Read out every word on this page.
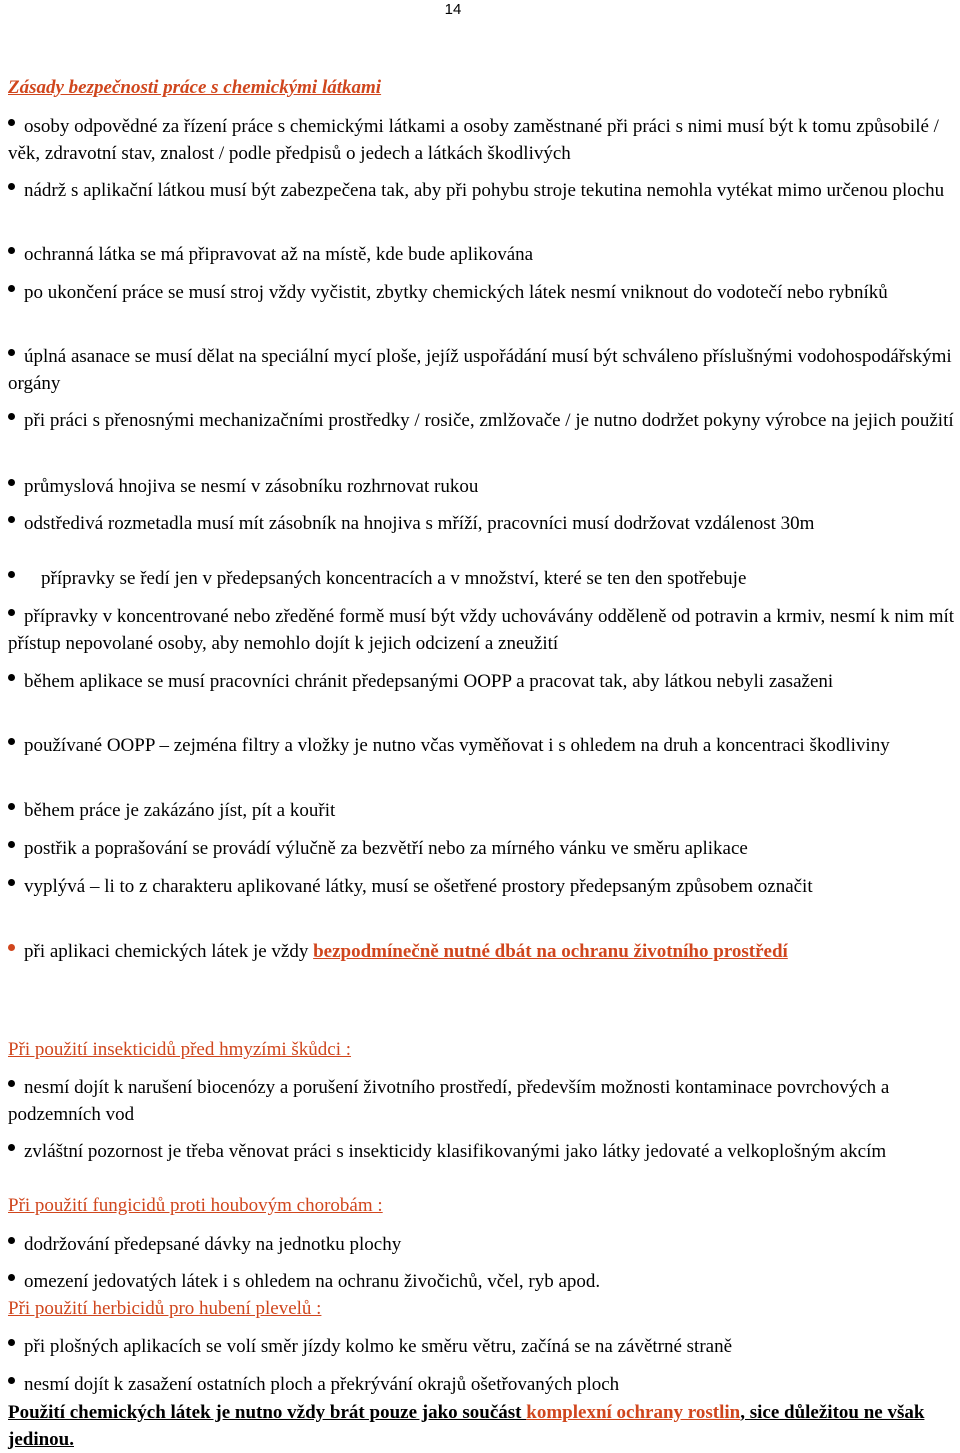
14

Zásady bezpečnosti práce s chemickými látkami

osoby odpovědné za řízení práce s chemickými látkami a osoby zaměstnané při práci s nimi musí být k tomu způsobilé / věk, zdravotní stav, znalost / podle předpisů o jedech a látkách škodlivých

nádrž s aplikační látkou musí být zabezpečena tak, aby při pohybu stroje tekutina nemohla vytékat mimo určenou plochu

ochranná látka se má připravovat až na místě, kde bude aplikována

po ukončení práce se musí stroj vždy vyčistit, zbytky chemických látek nesmí vniknout do vodotečí nebo rybníků

úplná asanace se musí dělat na speciální mycí ploše, jejíž uspořádání musí být schváleno příslušnými vodohospodářskými orgány

při práci s přenosnými mechanizačními prostředky / rosiče, zmlžovače / je nutno dodržet pokyny výrobce na jejich použití

průmyslová hnojiva se nesmí v zásobníku rozhrnovat rukou

odstředivá rozmetadla musí mít zásobník na hnojiva s mříží, pracovníci musí dodržovat vzdálenost 30m

přípravky se ředí jen v předepsaných koncentracích a v množství, které se ten den spotřebuje

přípravky v koncentrované nebo zředěné formě musí být vždy uchovávány odděleně od potravin a krmiv, nesmí k nim mít přístup nepovolané osoby, aby nemohlo dojít k jejich odcizení a zneužití

během aplikace se musí pracovníci chránit předepsanými OOPP a pracovat tak, aby látkou nebyli zasaženi

používané OOPP – zejména filtry a vložky je nutno včas vyměňovat i s ohledem na druh a koncentraci škodliviny

během práce je zakázáno jíst, pít a kouřit

postřik a poprašování se provádí výlučně za bezvětří nebo za mírného vánku ve směru aplikace

vyplývá – li to z charakteru aplikované látky, musí se ošetřené prostory předepsaným způsobem označit

při aplikaci chemických látek je vždy bezpodmínečně nutné dbát na ochranu životního prostředí

Při použití insekticidů před hmyzími škůdci :

nesmí dojít k narušení biocenózy a porušení životního prostředí, především možnosti kontaminace povrchových a podzemních vod

zvláštní pozornost je třeba věnovat práci s insekticidy klasifikovanými jako látky jedovaté a velkoplošným akcím

Při použití fungicidů proti houbovým chorobám :

dodržování předepsané dávky na jednotku plochy

omezení jedovatých látek i s ohledem na ochranu živočichů, včel, ryb apod.

Při použití herbicidů pro hubení plevelů :

při plošných aplikacích se volí směr jízdy kolmo ke směru větru, začíná se na závětrné straně

nesmí dojít k zasažení ostatních ploch a překrývání okrajů ošetřovaných ploch

Použití chemických látek je nutno vždy brát pouze jako součást komplexní ochrany rostlin, sice důležitou ne však jedinou.
